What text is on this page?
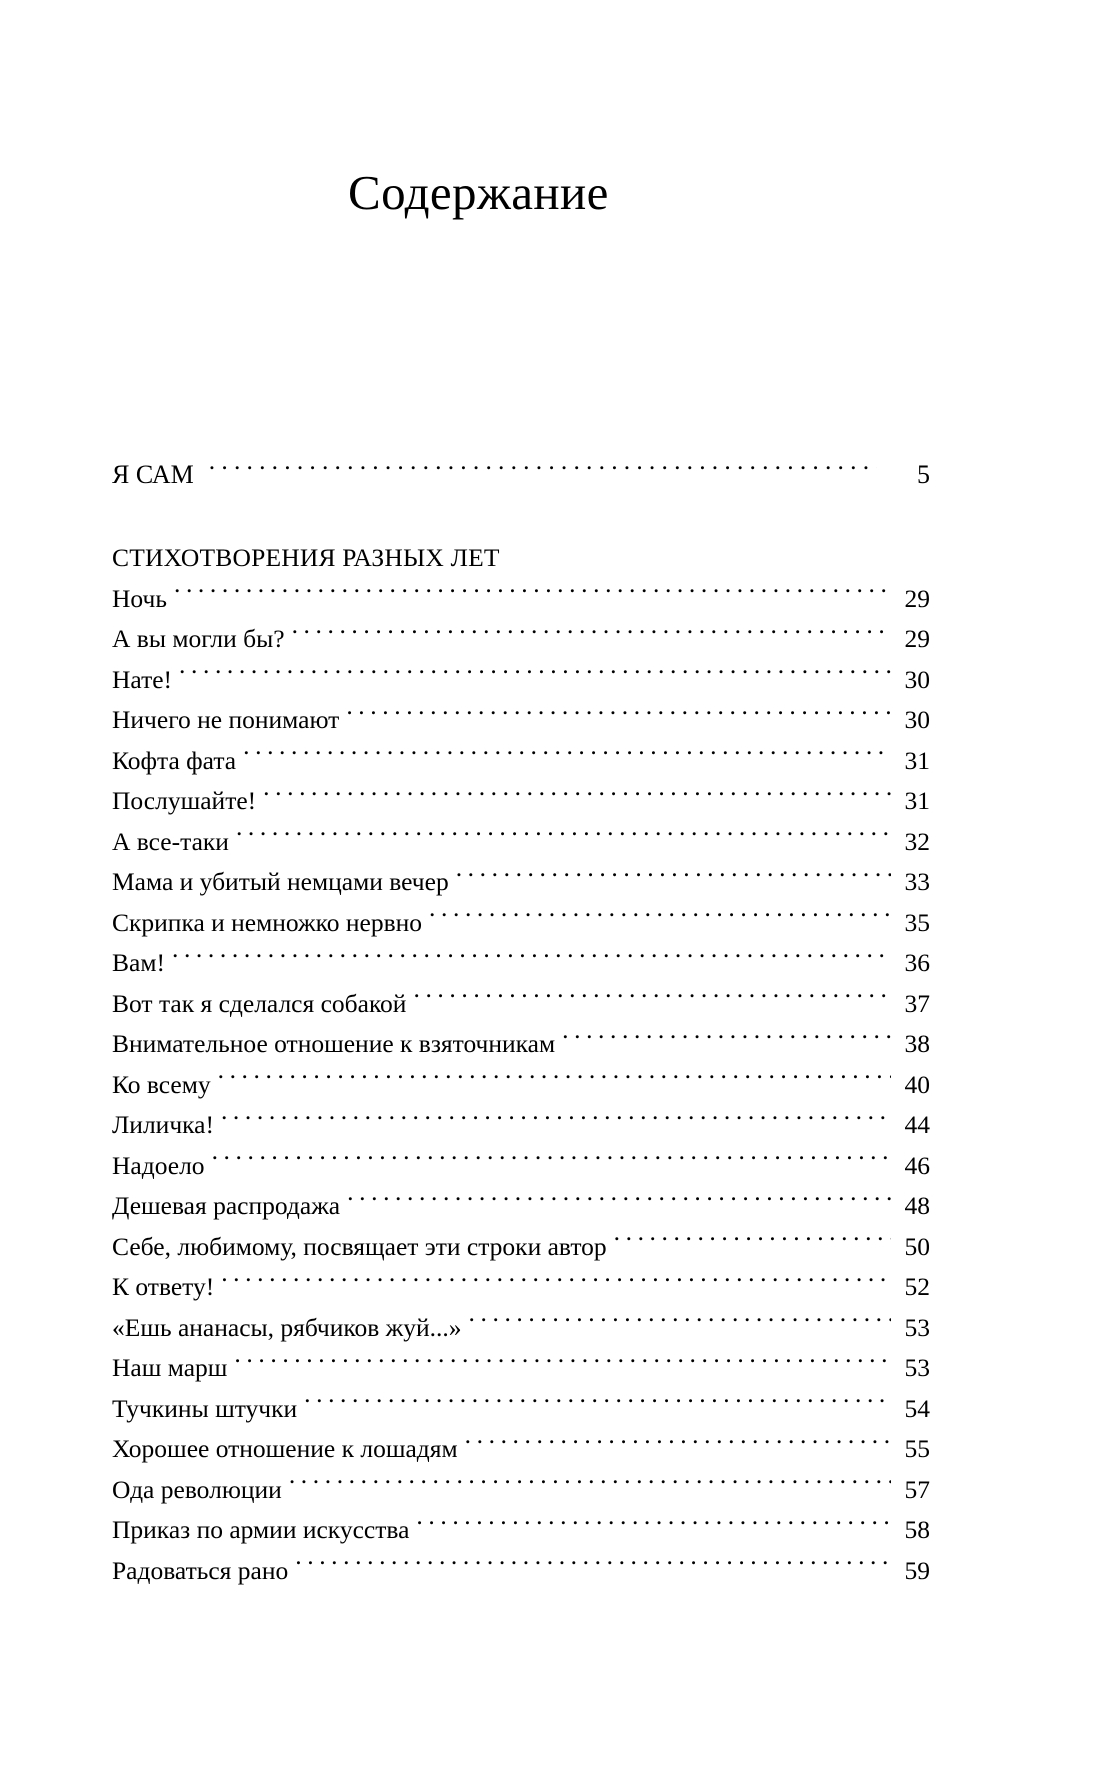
Содержание
Я САМ .....	5
СТИХОТВОРЕНИЯ РАЗНЫХ ЛЕТ
Ночь .....	29
А вы могли бы? .....	29
Нате! .....	30
Ничего не понимают .....	30
Кофта фата .....	31
Послушайте! .....	31
А все-таки .....	32
Мама и убитый немцами вечер .....	33
Скрипка и немножко нервно .....	35
Вам! .....	36
Вот так я сделался собакой .....	37
Внимательное отношение к взяточникам .....	38
Ко всему .....	40
Лиличка! .....	44
Надоело .....	46
Дешевая распродажа .....	48
Себе, любимому, посвящает эти строки автор .....	50
К ответу! .....	52
«Ешь ананасы, рябчиков жуй...» .....	53
Наш марш .....	53
Тучкины штучки .....	54
Хорошее отношение к лошадям .....	55
Ода революции .....	57
Приказ по армии искусства .....	58
Радоваться рано .....	59
